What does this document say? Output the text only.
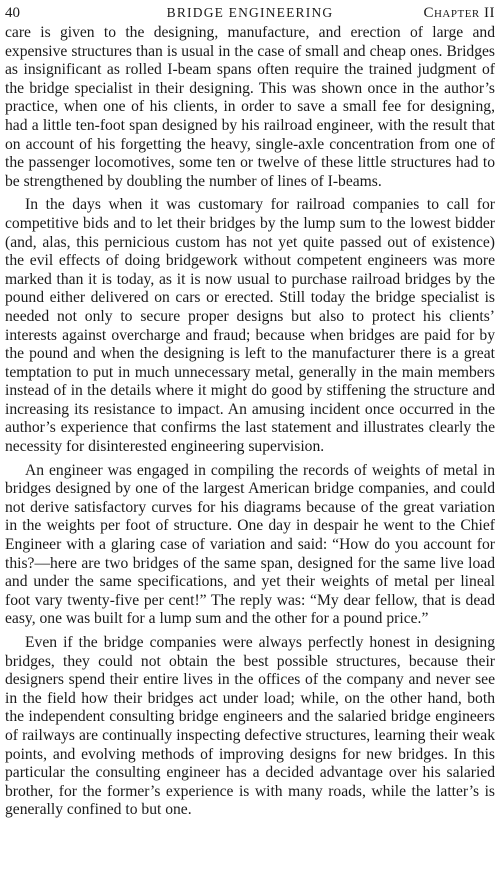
40	BRIDGE ENGINEERING	Chapter II

care is given to the designing, manufacture, and erection of large and expensive structures than is usual in the case of small and cheap ones. Bridges as insignificant as rolled I-beam spans often require the trained judgment of the bridge specialist in their designing. This was shown once in the author’s practice, when one of his clients, in order to save a small fee for designing, had a little ten-foot span designed by his railroad engineer, with the result that on account of his forgetting the heavy, single-axle concentration from one of the passenger locomotives, some ten or twelve of these little structures had to be strengthened by doubling the number of lines of I-beams.

In the days when it was customary for railroad companies to call for competitive bids and to let their bridges by the lump sum to the lowest bidder (and, alas, this pernicious custom has not yet quite passed out of existence) the evil effects of doing bridgework without competent engineers was more marked than it is today, as it is now usual to purchase railroad bridges by the pound either delivered on cars or erected. Still today the bridge specialist is needed not only to secure proper designs but also to protect his clients’ interests against overcharge and fraud; because when bridges are paid for by the pound and when the designing is left to the manufacturer there is a great temptation to put in much unnecessary metal, generally in the main members instead of in the details where it might do good by stiffening the structure and increasing its resistance to impact. An amusing incident once occurred in the author’s experience that confirms the last statement and illustrates clearly the necessity for disinterested engineering supervision.

An engineer was engaged in compiling the records of weights of metal in bridges designed by one of the largest American bridge companies, and could not derive satisfactory curves for his diagrams because of the great variation in the weights per foot of structure. One day in despair he went to the Chief Engineer with a glaring case of variation and said: “How do you account for this?—here are two bridges of the same span, designed for the same live load and under the same specifications, and yet their weights of metal per lineal foot vary twenty-five per cent!” The reply was: “My dear fellow, that is dead easy, one was built for a lump sum and the other for a pound price.”

Even if the bridge companies were always perfectly honest in designing bridges, they could not obtain the best possible structures, because their designers spend their entire lives in the offices of the company and never see in the field how their bridges act under load; while, on the other hand, both the independent consulting bridge engineers and the salaried bridge engineers of railways are continually inspecting defective structures, learning their weak points, and evolving methods of improving designs for new bridges. In this particular the consulting engineer has a decided advantage over his salaried brother, for the former’s experience is with many roads, while the latter’s is generally confined to but one.
